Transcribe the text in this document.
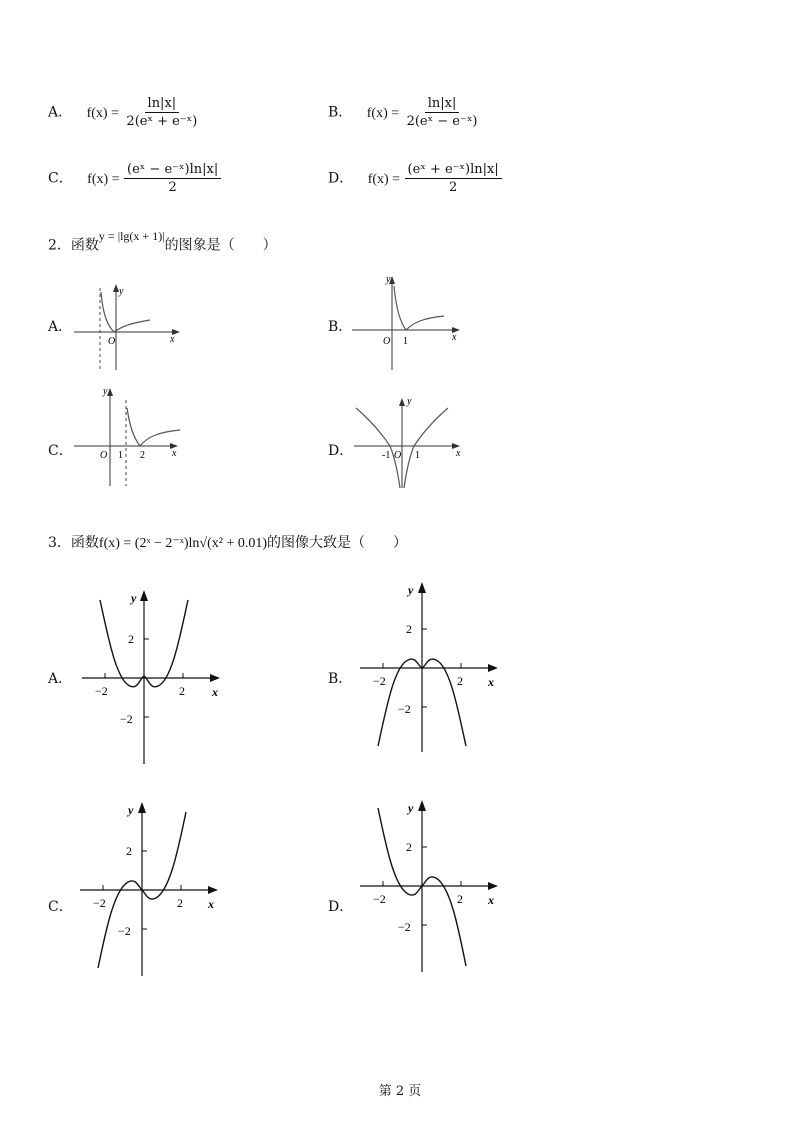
A． $f(x) = \frac{\ln|x|}{\text{2(eˣ + e⁻ˣ)}}$	B． $f(x) = \frac{\ln|x|}{\text{2(eˣ − e⁻ˣ)}}$
C． $f(x) = \frac{\text{(eˣ − e⁻ˣ)ln|x|}}{2}$	D． $f(x) = \frac{\text{(eˣ + e⁻ˣ)ln|x|}}{2}$
2．函数$^{y = |lg(x + 1)|}$的图象是（　　）
A．
O	x
y
B．
O 1	x
y
C．	O 1 2	x
y
D．	-1 O 1	x
y
3．函数f(x) = (2ˣ − 2⁻ˣ)ln√(x² + 0.01)的图像大致是（　　）
A．
2
−2
−2	2 x
y
B．
2
−2
−2	2 x
y
C．
2
−2
−2	2 x
y
D．
2
−2
−2	2 x
y
第 2 页
